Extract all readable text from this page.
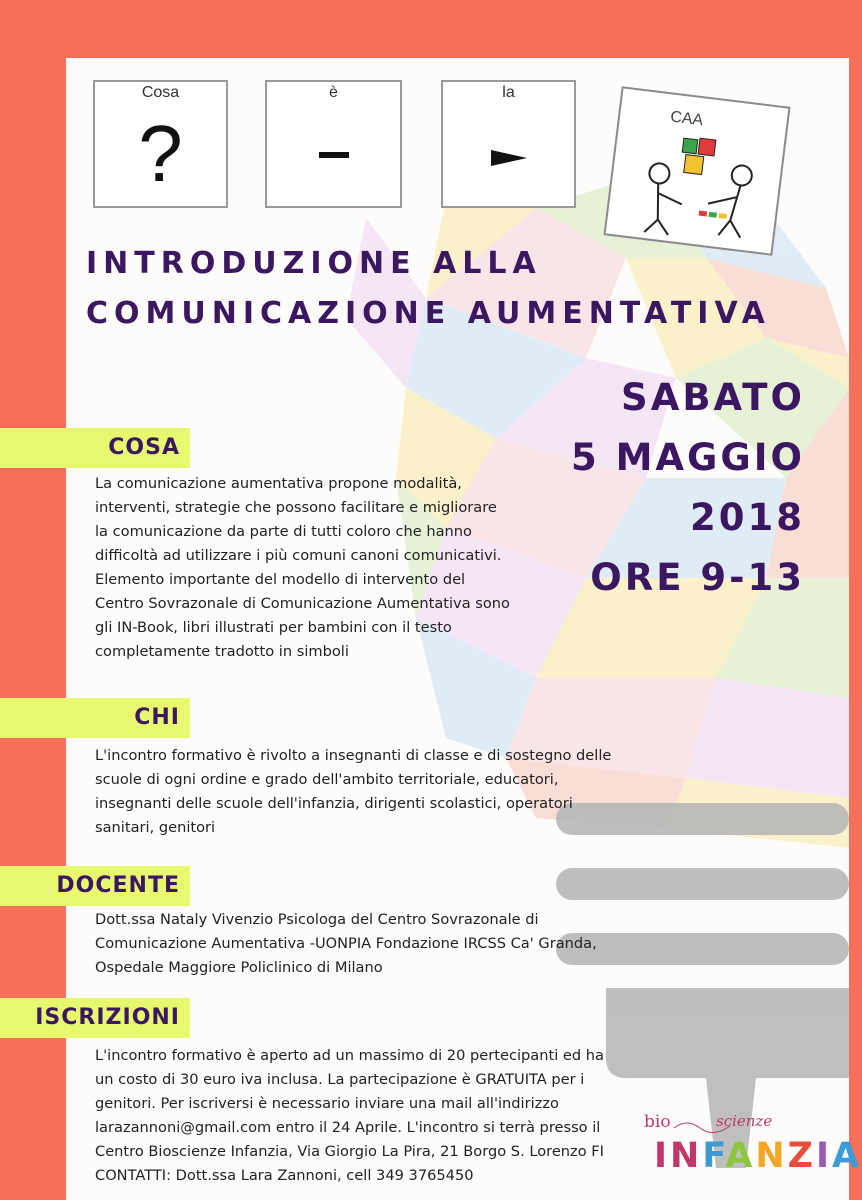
Cosa
?
è	la
CAA
INTRODUZIONE ALLA
COMUNICAZIONE AUMENTATIVA
SABATO
5 MAGGIO
2018
ORE 9-13
COSA
La comunicazione aumentativa propone modalità,
interventi, strategie che possono facilitare e migliorare
la comunicazione da parte di tutti coloro che hanno
difficoltà ad utilizzare i più comuni canoni comunicativi.
Elemento importante del modello di intervento del
Centro Sovrazonale di Comunicazione Aumentativa sono
gli IN-Book, libri illustrati per bambini con il testo
completamente tradotto in simboli
CHI
L'incontro formativo è rivolto a insegnanti di classe e di sostegno delle
scuole di ogni ordine e grado dell'ambito territoriale, educatori,
insegnanti delle scuole dell'infanzia, dirigenti scolastici, operatori
sanitari, genitori
DOCENTE
Dott.ssa Nataly Vivenzio Psicologa del Centro Sovrazonale di
Comunicazione Aumentativa -UONPIA Fondazione IRCSS Ca' Granda,
Ospedale Maggiore Policlinico di Milano
ISCRIZIONI
L'incontro formativo è aperto ad un massimo di 20 pertecipanti ed ha
un costo di 30 euro iva inclusa. La partecipazione è GRATUITA per i
genitori. Per iscriversi è necessario inviare una mail all'indirizzo
larazannoni@gmail.com entro il 24 Aprile. L'incontro si terrà presso il
Centro Bioscienze Infanzia, Via Giorgio La Pira, 21 Borgo S. Lorenzo FI
CONTATTI: Dott.ssa Lara Zannoni, cell 349 3765450
bio	scienze
INFANZIA
